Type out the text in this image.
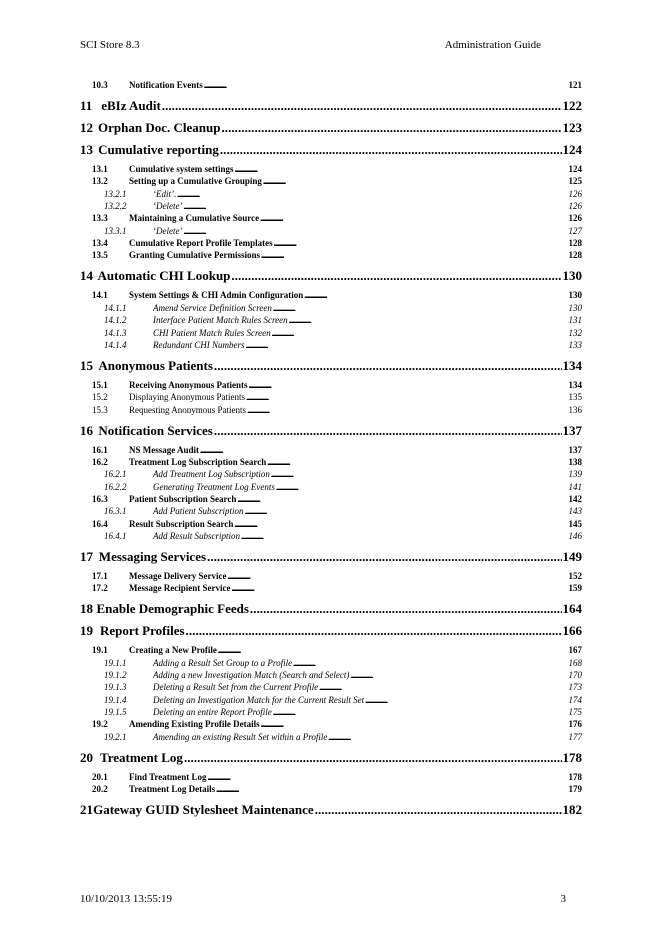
SCI Store 8.3	Administration Guide
10.3	Notification Events . . .	121
11 eBIz Audit . . .	122
12 Orphan Doc. Cleanup . . .	123
13 Cumulative reporting . . .	124
13.1	Cumulative system settings . . .	124
13.2	Setting up a Cumulative Grouping . . .	125
13.2.1	‘Edit’. . . .	126
13.2.2	‘Delete’ . . .	126
13.3	Maintaining a Cumulative Source . . .	126
13.3.1	‘Delete’ . . .	127
13.4	Cumulative Report Profile Templates . . .	128
13.5	Granting Cumulative Permissions . . .	128
14 Automatic CHI Lookup . . .	130
14.1	System Settings & CHI Admin Configuration . . .	130
14.1.1	Amend Service Definition Screen . . .	130
14.1.2	Interface Patient Match Rules Screen . . .	131
14.1.3	CHI Patient Match Rules Screen . . .	132
14.1.4	Redundant CHI Numbers . . .	133
15 Anonymous Patients . . .	134
15.1	Receiving Anonymous Patients . . .	134
15.2	Displaying Anonymous Patients . . .	135
15.3	Requesting Anonymous Patients . . .	136
16 Notification Services . . .	137
16.1	NS Message Audit . . .	137
16.2	Treatment Log Subscription Search . . .	138
16.2.1	Add Treatment Log Subscription . . .	139
16.2.2	Generating Treatment Log Events . . .	141
16.3	Patient Subscription Search . . .	142
16.3.1	Add Patient Subscription . . .	143
16.4	Result Subscription Search . . .	145
16.4.1	Add Result Subscription . . .	146
17 Messaging Services . . .	149
17.1	Message Delivery Service . . .	152
17.2	Message Recipient Service . . .	159
18 Enable Demographic Feeds . . .	164
19 Report Profiles . . .	166
19.1	Creating a New Profile . . .	167
19.1.1	Adding a Result Set Group to a Profile . . .	168
19.1.2	Adding a new Investigation Match (Search and Select) . . .	170
19.1.3	Deleting a Result Set from the Current Profile . . .	173
19.1.4	Deleting an Investigation Match for the Current Result Set . . .	174
19.1.5	Deleting an entire Report Profile . . .	175
19.2	Amending Existing Profile Details . . .	176
19.2.1	Amending an existing Result Set within a Profile . . .	177
20 Treatment Log . . .	178
20.1	Find Treatment Log . . .	178
20.2	Treatment Log Details . . .	179
21 Gateway GUID Stylesheet Maintenance . . .	182
10/10/2013 13:55:19	3
